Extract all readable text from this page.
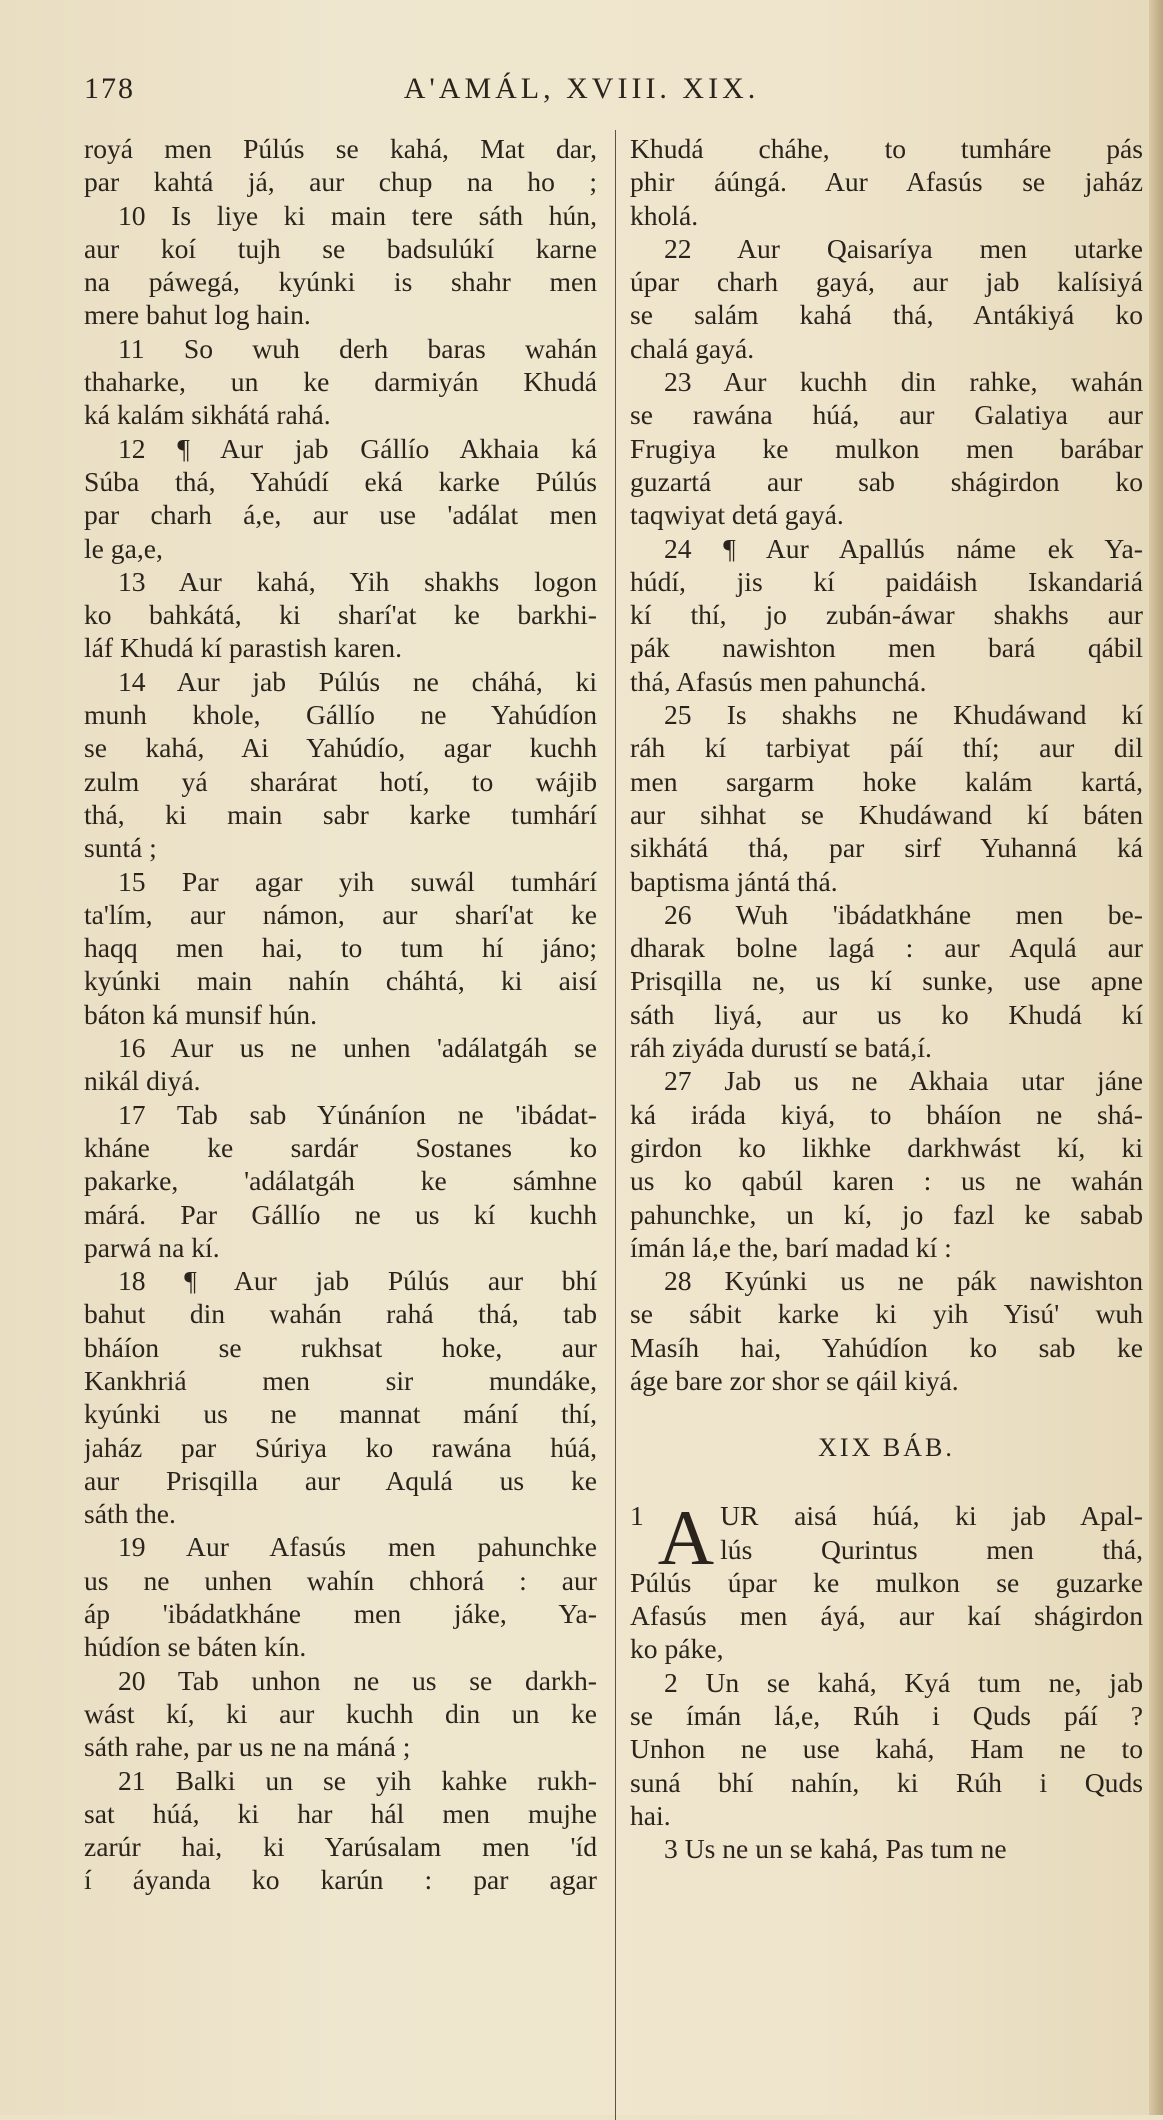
178	A'AMÁL, XVIII. XIX.
royá men Púlús se kahá, Mat dar,
par kahtá já, aur chup na ho ;
10 Is liye ki main tere sáth hún,
aur koí tujh se badsulúkí karne
na páwegá, kyúnki is shahr men
mere bahut log hain.
11 So wuh derh baras wahán
thaharke, un ke darmiyán Khudá
ká kalám sikhátá rahá.
12 ¶ Aur jab Gállío Akhaia ká
Súba thá, Yahúdí eká karke Púlús
par charh á,e, aur use 'adálat men
le ga,e,
13 Aur kahá, Yih shakhs logon
ko bahkátá, ki sharí'at ke barkhi-
láf Khudá kí parastish karen.
14 Aur jab Púlús ne cháhá, ki
munh khole, Gállío ne Yahúdíon
se kahá, Ai Yahúdío, agar kuchh
zulm yá sharárat hotí, to wájib
thá, ki main sabr karke tumhárí
suntá ;
15 Par agar yih suwál tumhárí
ta'lím, aur námon, aur sharí'at ke
haqq men hai, to tum hí jáno;
kyúnki main nahín cháhtá, ki aisí
báton ká munsif hún.
16 Aur us ne unhen 'adálatgáh se
nikál diyá.
17 Tab sab Yúnáníon ne 'ibádat-
kháne ke sardár Sostanes ko
pakarke, 'adálatgáh ke sámhne
márá. Par Gállío ne us kí kuchh
parwá na kí.
18 ¶ Aur jab Púlús aur bhí
bahut din wahán rahá thá, tab
bháíon se rukhsat hoke, aur
Kankhriá men sir mundáke,
kyúnki us ne mannat mání thí,
jaház par Súriya ko rawána húá,
aur Prisqilla aur Aqulá us ke
sáth the.
19 Aur Afasús men pahunchke
us ne unhen wahín chhorá : aur
áp 'ibádatkháne men jáke, Ya-
húdíon se báten kín.
20 Tab unhon ne us se darkh-
wást kí, ki aur kuchh din un ke
sáth rahe, par us ne na máná ;
21 Balki un se yih kahke rukh-
sat húá, ki har hál men mujhe
zarúr hai, ki Yarúsalam men 'íd
í áyanda ko karún : par agar
Khudá cháhe, to tumháre pás
phir áúngá. Aur Afasús se jaház
kholá.
22 Aur Qaisaríya men utarke
úpar charh gayá, aur jab kalísiyá
se salám kahá thá, Antákiyá ko
chalá gayá.
23 Aur kuchh din rahke, wahán
se rawána húá, aur Galatiya aur
Frugiya ke mulkon men barábar
guzartá aur sab shágirdon ko
taqwiyat detá gayá.
24 ¶ Aur Apallús náme ek Ya-
húdí, jis kí paidáish Iskandariá
kí thí, jo zubán-áwar shakhs aur
pák nawishton men bará qábil
thá, Afasús men pahunchá.
25 Is shakhs ne Khudáwand kí
ráh kí tarbiyat páí thí; aur dil
men sargarm hoke kalám kartá,
aur sihhat se Khudáwand kí báten
sikhátá thá, par sirf Yuhanná ká
baptisma jántá thá.
26 Wuh 'ibádatkháne men be-
dharak bolne lagá : aur Aqulá aur
Prisqilla ne, us kí sunke, use apne
sáth liyá, aur us ko Khudá kí
ráh ziyáda durustí se batá,í.
27 Jab us ne Akhaia utar jáne
ká iráda kiyá, to bháíon ne shá-
girdon ko likhke darkhwást kí, ki
us ko qabúl karen : us ne wahán
pahunchke, un kí, jo fazl ke sabab
ímán lá,e the, barí madad kí :
28 Kyúnki us ne pák nawishton
se sábit karke ki yih Yisú' wuh
Masíh hai, Yahúdíon ko sab ke
áge bare zor shor se qáil kiyá.
XIX BÁB.
1 A UR aisá húá, ki jab Apal-
lús Qurintus men thá,
Púlús úpar ke mulkon se guzarke
Afasús men áyá, aur kaí shágirdon
ko páke,
2 Un se kahá, Kyá tum ne, jab
se ímán lá,e, Rúh i Quds páí ?
Unhon ne use kahá, Ham ne to
suná bhí nahín, ki Rúh i Quds
hai.
3 Us ne un se kahá, Pas tum ne
